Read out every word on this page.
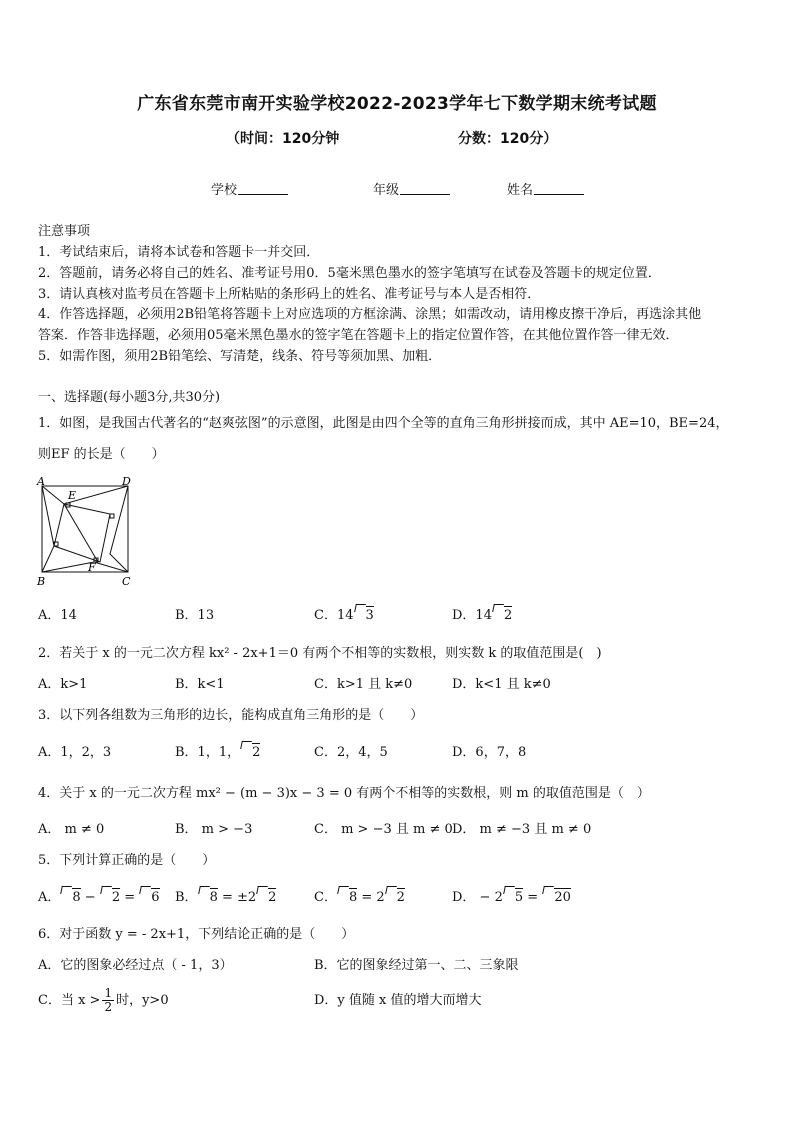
广东省东莞市南开实验学校2022-2023学年七下数学期末统考试题
（时间：120分钟	分数：120分）
学校	年级	姓名
注意事项
1．考试结束后，请将本试卷和答题卡一并交回．
2．答题前，请务必将自己的姓名、准考证号用0．5毫米黑色墨水的签字笔填写在试卷及答题卡的规定位置．
3．请认真核对监考员在答题卡上所粘贴的条形码上的姓名、准考证号与本人是否相符．
4．作答选择题，必须用2B铅笔将答题卡上对应选项的方框涂满、涂黑；如需改动，请用橡皮擦干净后，再选涂其他
答案．作答非选择题，必须用05毫米黑色墨水的签字笔在答题卡上的指定位置作答，在其他位置作答一律无效．
5．如需作图，须用2B铅笔绘、写清楚，线条、符号等须加黑、加粗．
一、选择题(每小题3分,共30分)
1．如图，是我国古代著名的“赵爽弦图”的示意图，此图是由四个全等的直角三角形拼接而成，其中 AE=10，BE=24，
则EF 的长是（　　）
A	D
E
B
F
C
A．14	B．13	C．14 3	D．14 2
2．若关于 x 的一元二次方程 kx² - 2x+1＝0 有两个不相等的实数根，则实数 k 的取值范围是(　)
A．k>1	B．k<1	C．k>1 且 k≠0	D．k<1 且 k≠0
3．以下列各组数为三角形的边长，能构成直角三角形的是（　　）
A．1，2，3	B．1，1， 2	C．2，4，5	D．6，7，8
4．关于 x 的一元二次方程 mx² − (m − 3)x − 3 = 0 有两个不相等的实数根，则 m 的取值范围是（　）
A． m ≠ 0	B． m > −3	C． m > −3 且 m ≠ 0 D． m ≠ −3 且 m ≠ 0
5．下列计算正确的是（　　）
A． 8 − 2 = 6 B． 8 = ±2 2	C． 8 = 2 2	D． − 2 5 = 20
6．对于函数 y = - 2x+1，下列结论正确的是（　　）
A．它的图象必经过点（ - 1，3）	B．它的图象经过第一、二、三象限
C．当 $x > \frac{1}{2}$ 时，y>0	D．y 值随 x 值的增大而增大
